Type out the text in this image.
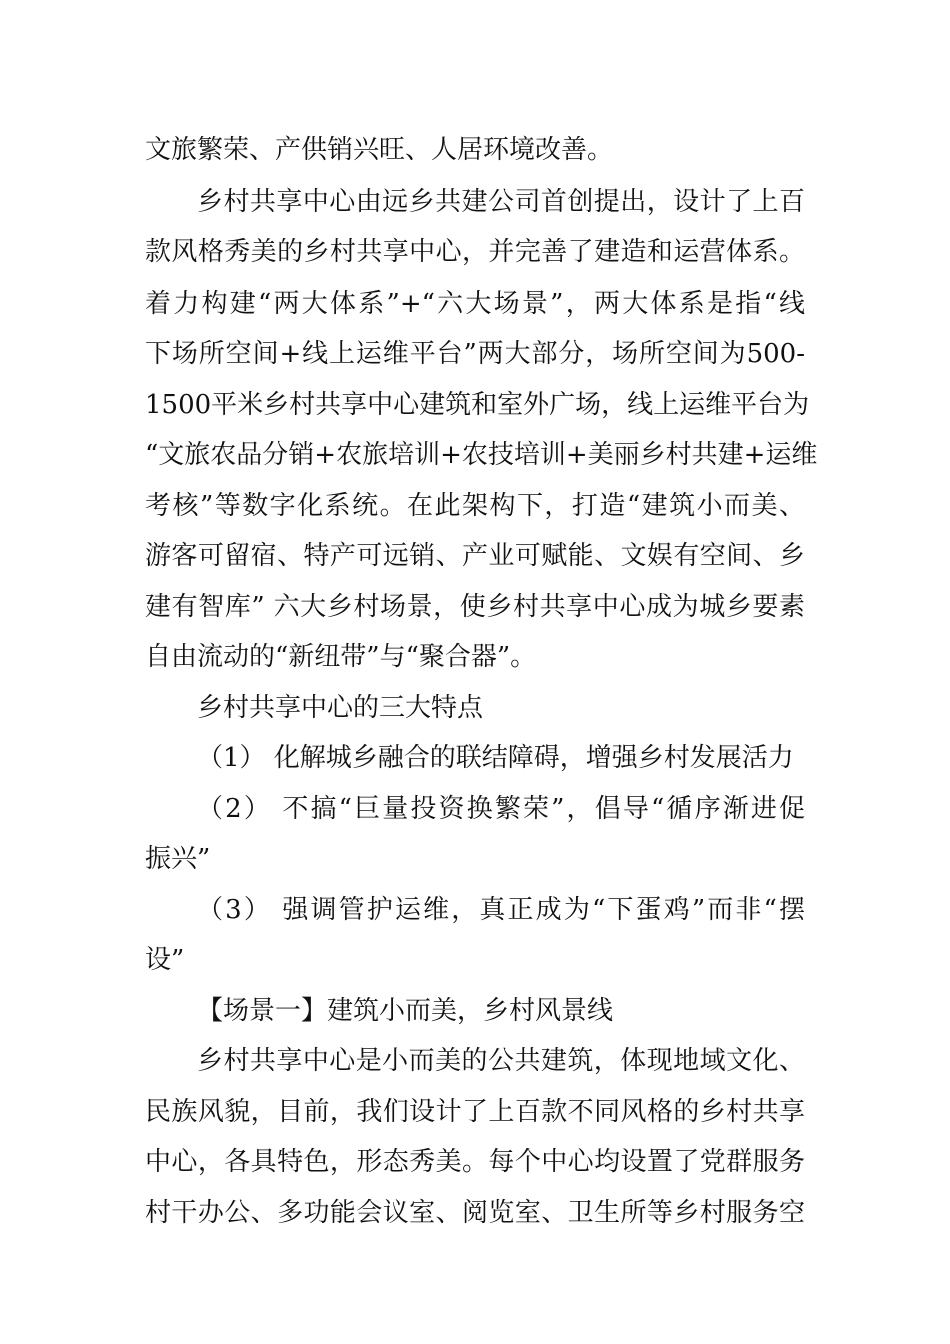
文旅繁荣、产供销兴旺、人居环境改善。
乡村共享中心由远乡共建公司首创提出，设计了上百
款风格秀美的乡村共享中心，并完善了建造和运营体系。
着力构建“两大体系”+“六大场景”，两大体系是指“线
下场所空间+线上运维平台”两大部分，场所空间为500-
1500平米乡村共享中心建筑和室外广场，线上运维平台为
“文旅农品分销+农旅培训+农技培训+美丽乡村共建+运维
考核”等数字化系统。在此架构下，打造“建筑小而美、
游客可留宿、特产可远销、产业可赋能、文娱有空间、乡
建有智库” 六大乡村场景，使乡村共享中心成为城乡要素
自由流动的“新纽带”与“聚合器”。
乡村共享中心的三大特点
（1） 化解城乡融合的联结障碍，增强乡村发展活力
（2） 不搞“巨量投资换繁荣”，倡导“循序渐进促
振兴”
（3） 强调管护运维，真正成为“下蛋鸡”而非“摆
设”
【场景一】建筑小而美，乡村风景线
乡村共享中心是小而美的公共建筑，体现地域文化、
民族风貌，目前，我们设计了上百款不同风格的乡村共享
中心，各具特色，形态秀美。每个中心均设置了党群服务
村干办公、多功能会议室、阅览室、卫生所等乡村服务空
